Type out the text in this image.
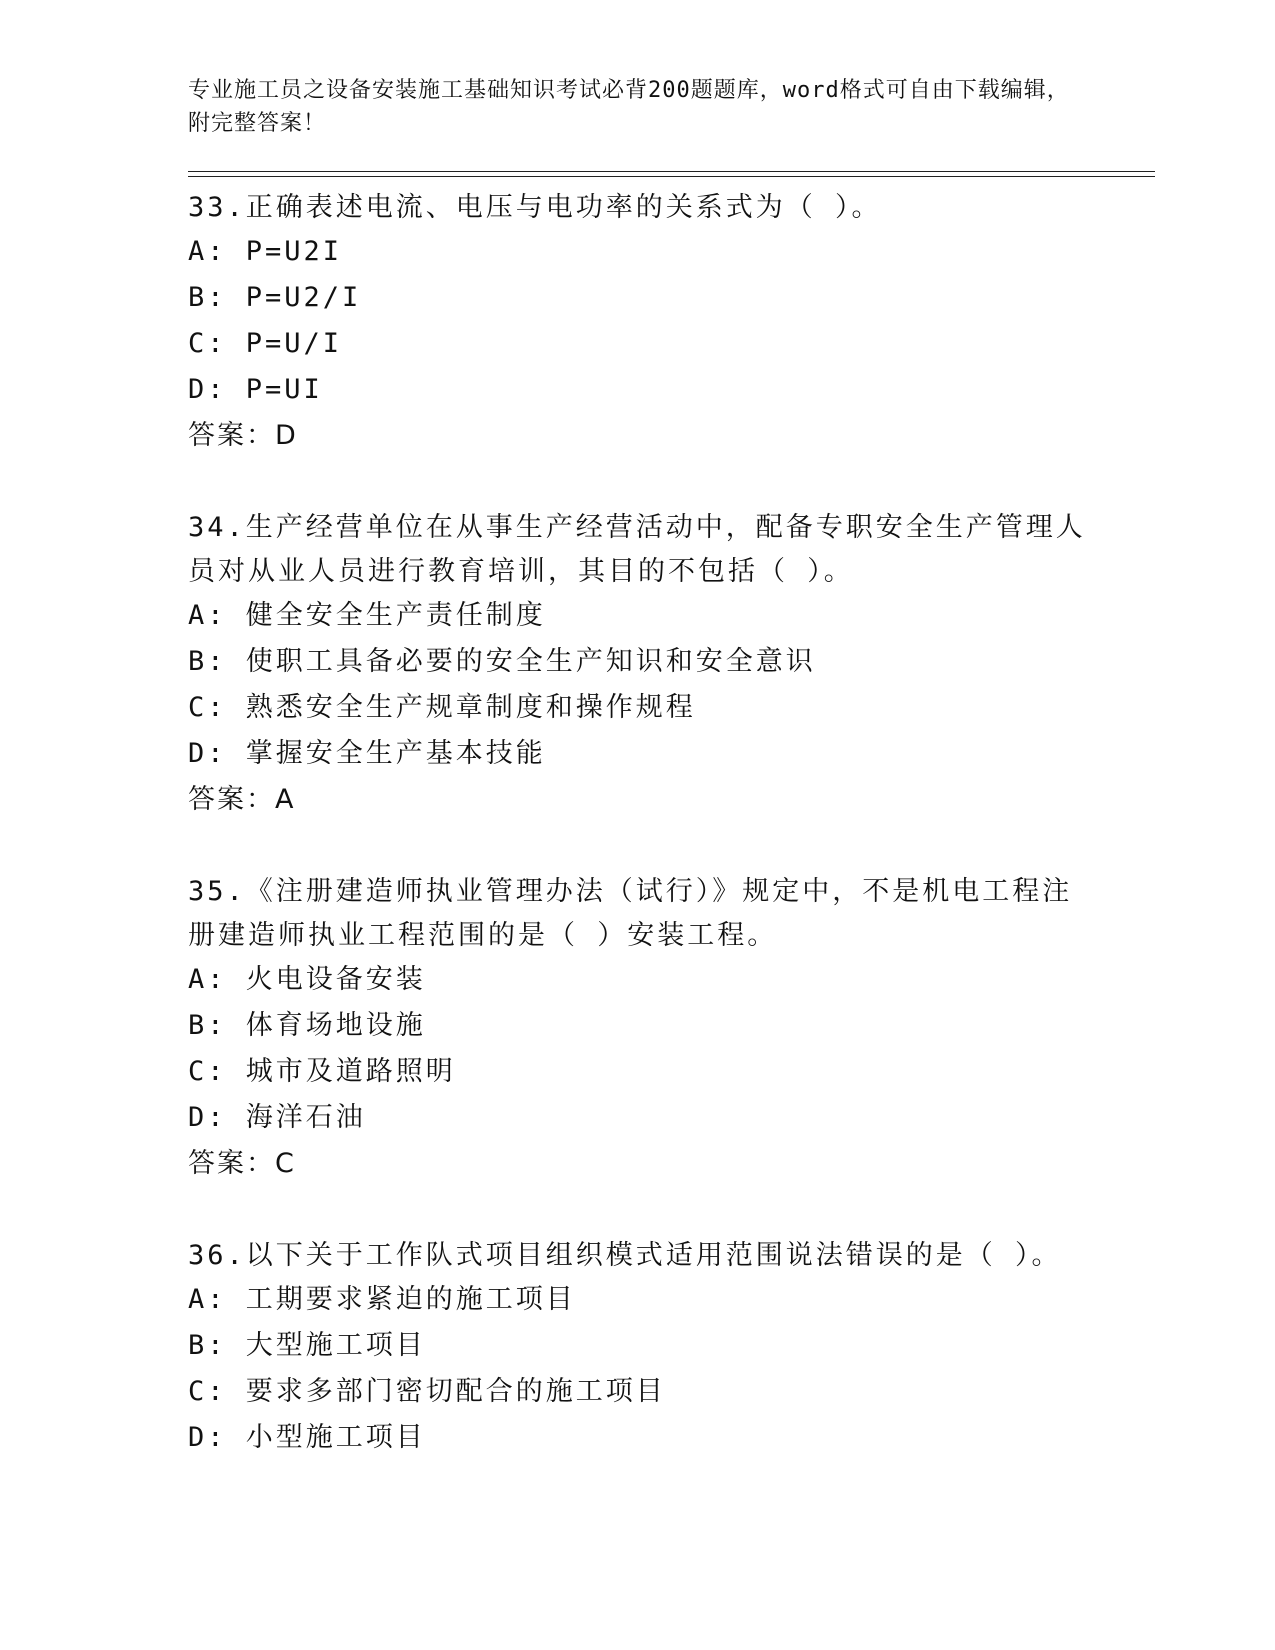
专业施工员之设备安装施工基础知识考试必背200题题库，word格式可自由下载编辑，附完整答案！

33.正确表述电流、电压与电功率的关系式为（ ）。

A: P=U2I
B: P=U2/I
C: P=U/I
D: P=UI
答案：D

34.生产经营单位在从事生产经营活动中，配备专职安全生产管理人员对从业人员进行教育培训，其目的不包括（ ）。

A: 健全安全生产责任制度
B: 使职工具备必要的安全生产知识和安全意识
C: 熟悉安全生产规章制度和操作规程
D: 掌握安全生产基本技能
答案：A

35.《注册建造师执业管理办法（试行）》规定中，不是机电工程注册建造师执业工程范围的是（ ）安装工程。

A: 火电设备安装
B: 体育场地设施
C: 城市及道路照明
D: 海洋石油
答案：C

36.以下关于工作队式项目组织模式适用范围说法错误的是（ ）。

A: 工期要求紧迫的施工项目
B: 大型施工项目
C: 要求多部门密切配合的施工项目
D: 小型施工项目
